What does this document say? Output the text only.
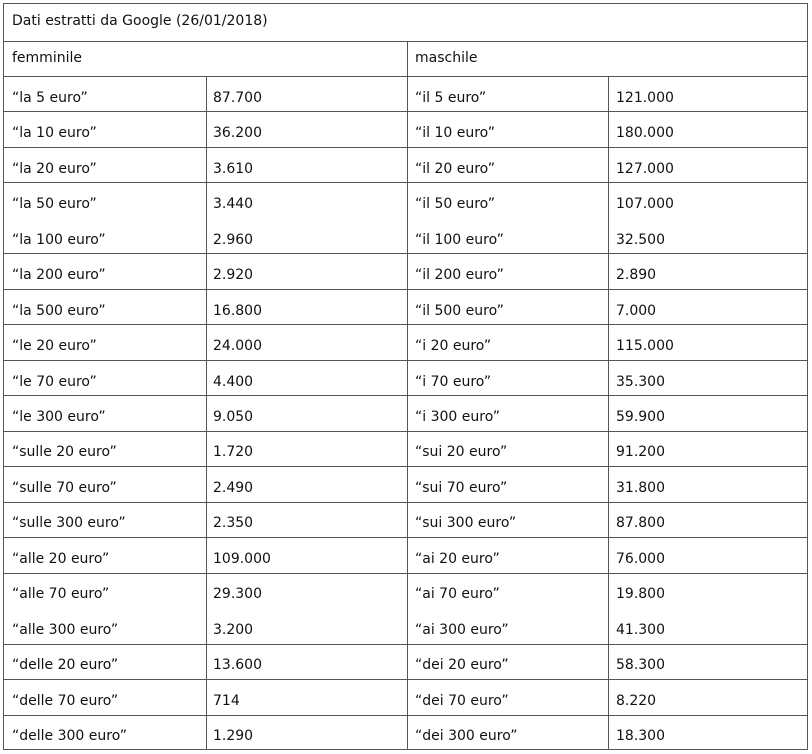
Dati estratti da Google (26/01/2018)
femminile	maschile
“la 5 euro”	87.700	“il 5 euro”	121.000
“la 10 euro”	36.200	“il 10 euro”	180.000
“la 20 euro”	3.610	“il 20 euro”	127.000
“la 50 euro”	3.440	“il 50 euro”	107.000
“la 100 euro”	2.960	“il 100 euro”	32.500
“la 200 euro”	2.920	“il 200 euro”	2.890
“la 500 euro”	16.800	“il 500 euro”	7.000
“le 20 euro”	24.000	“i 20 euro”	115.000
“le 70 euro”	4.400	“i 70 euro”	35.300
“le 300 euro”	9.050	“i 300 euro”	59.900
“sulle 20 euro”	1.720	“sui 20 euro”	91.200
“sulle 70 euro”	2.490	“sui 70 euro”	31.800
“sulle 300 euro”	2.350	“sui 300 euro”	87.800
“alle 20 euro”	109.000	“ai 20 euro”	76.000
“alle 70 euro”	29.300	“ai 70 euro”	19.800
“alle 300 euro”	3.200	“ai 300 euro”	41.300
“delle 20 euro”	13.600	“dei 20 euro”	58.300
“delle 70 euro”	714	“dei 70 euro”	8.220
“delle 300 euro”	1.290	“dei 300 euro”	18.300
